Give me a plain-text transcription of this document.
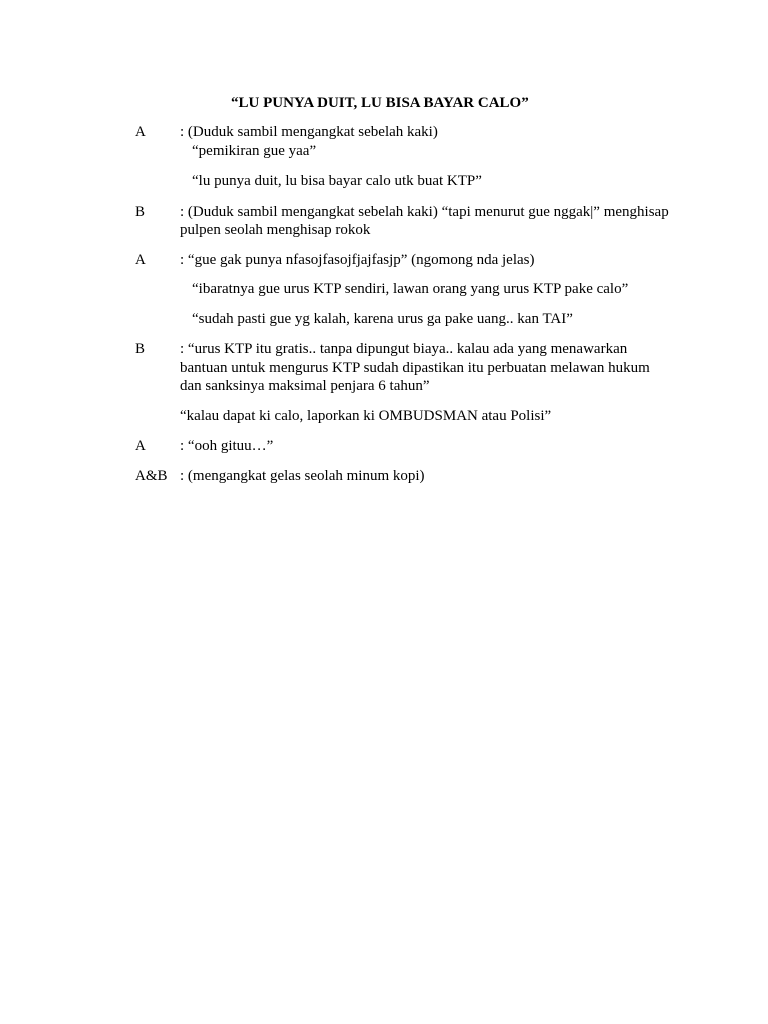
“LU PUNYA DUIT, LU BISA BAYAR CALO”
A : (Duduk sambil mengangkat sebelah kaki)
“pemikiran gue yaa”
“lu punya duit, lu bisa bayar calo utk buat KTP”
B : (Duduk sambil mengangkat sebelah kaki) “tapi menurut gue nggak|” menghisap
pulpen seolah menghisap rokok
A : “gue gak punya nfasojfasojfjajfasjp” (ngomong nda jelas)
“ibaratnya gue urus KTP sendiri, lawan orang yang urus KTP pake calo”
“sudah pasti gue yg kalah, karena urus ga pake uang.. kan TAI”
B : “urus KTP itu gratis.. tanpa dipungut biaya.. kalau ada yang menawarkan
bantuan untuk mengurus KTP sudah dipastikan itu perbuatan melawan hukum
dan sanksinya maksimal penjara 6 tahun”
“kalau dapat ki calo, laporkan ki OMBUDSMAN atau Polisi”
A : “ooh gituu…”
A&B : (mengangkat gelas seolah minum kopi)
